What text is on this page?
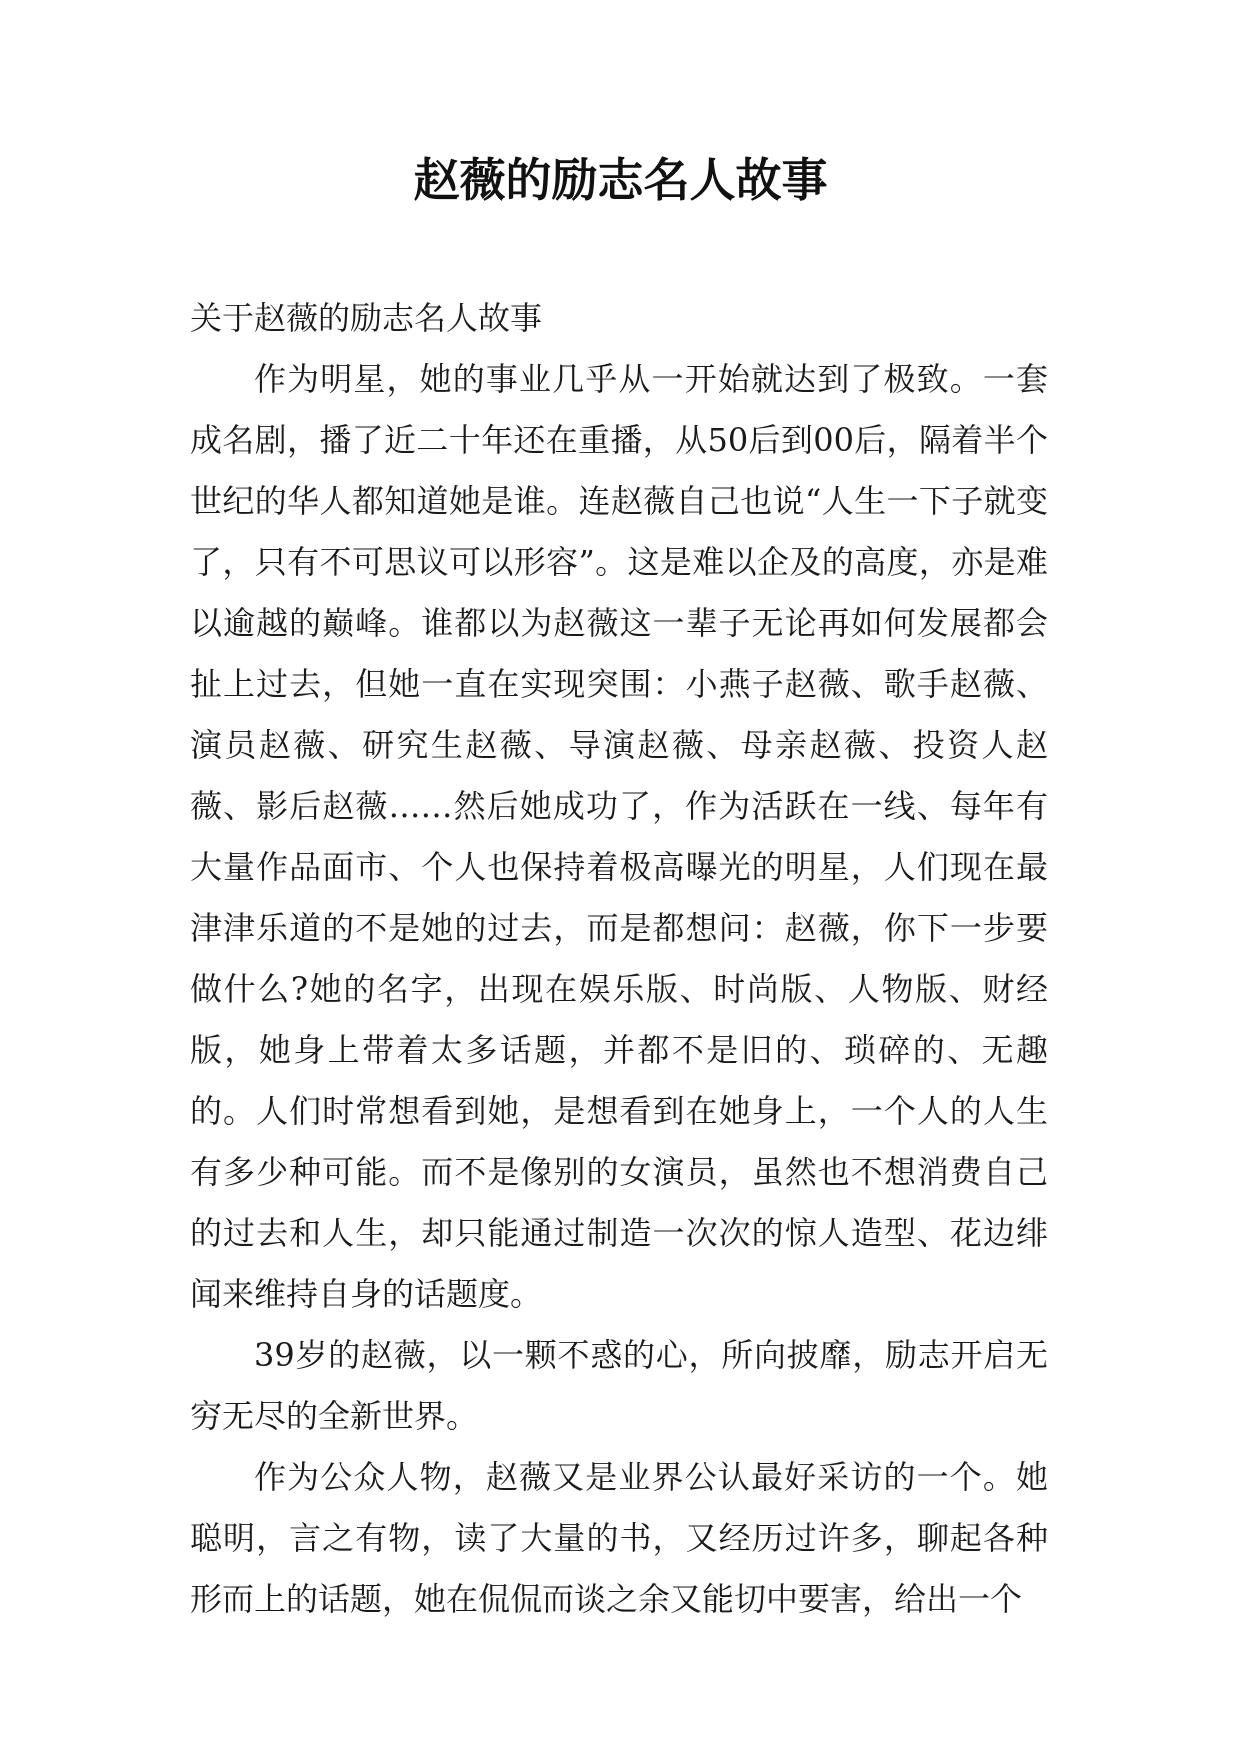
赵薇的励志名人故事

关于赵薇的励志名人故事

作为明星，她的事业几乎从一开始就达到了极致。一套成名剧，播了近二十年还在重播，从50后到00后，隔着半个世纪的华人都知道她是谁。连赵薇自己也说“人生一下子就变了，只有不可思议可以形容”。这是难以企及的高度，亦是难以逾越的巅峰。谁都以为赵薇这一辈子无论再如何发展都会扯上过去，但她一直在实现突围：小燕子赵薇、歌手赵薇、演员赵薇、研究生赵薇、导演赵薇、母亲赵薇、投资人赵薇、影后赵薇……然后她成功了，作为活跃在一线、每年有大量作品面市、个人也保持着极高曝光的明星，人们现在最津津乐道的不是她的过去，而是都想问：赵薇，你下一步要做什么?她的名字，出现在娱乐版、时尚版、人物版、财经版，她身上带着太多话题，并都不是旧的、琐碎的、无趣的。人们时常想看到她，是想看到在她身上，一个人的人生有多少种可能。而不是像别的女演员，虽然也不想消费自己的过去和人生，却只能通过制造一次次的惊人造型、花边绯闻来维持自身的话题度。

39岁的赵薇，以一颗不惑的心，所向披靡，励志开启无穷无尽的全新世界。

作为公众人物，赵薇又是业界公认最好采访的一个。她聪明，言之有物，读了大量的书，又经历过许多，聊起各种形而上的话题，她在侃侃而谈之余又能切中要害，给出一个
